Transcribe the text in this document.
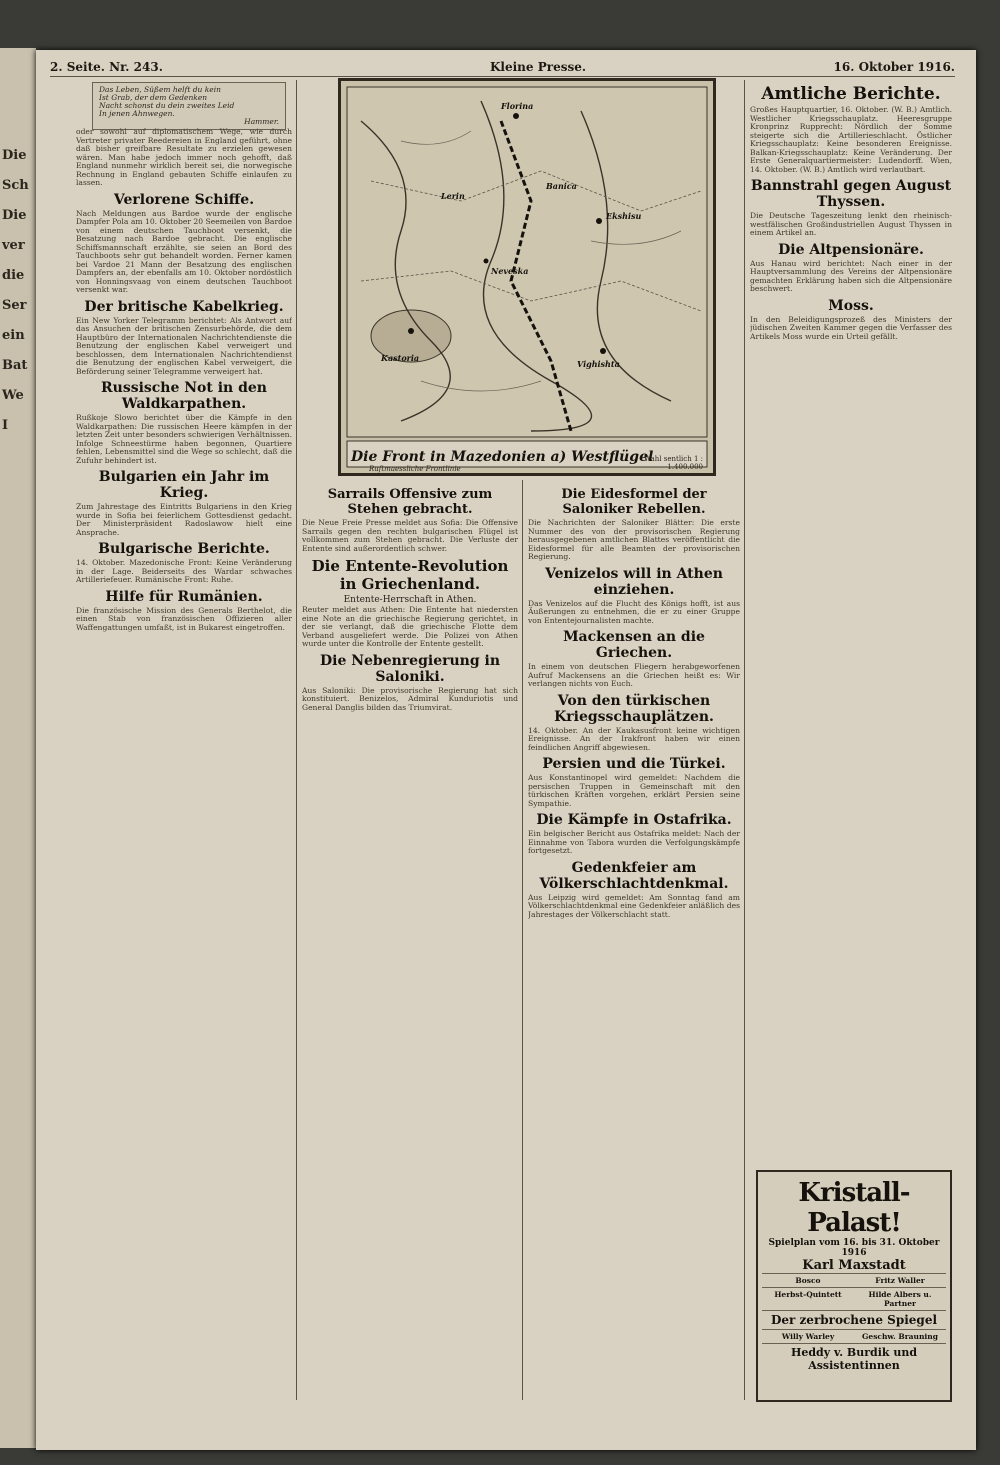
Die
Sch
Die
ver
die
Ser
ein
Bat
We
I
2. Seite. Nr. 243.	Kleine Presse.	16. Oktober 1916.
Das Leben, Süßem helft du kein
Ist Grab, der dem Gedenken
Nacht schonst du dein zweites Leid
In jenen Ahnwegen.
Hammer.

oder sowohl auf diplomatischem Wege, wie durch Vertreter privater Reedereien in England geführt, ohne daß bisher greifbare Resultate zu erzielen gewesen wären. Man habe jedoch immer noch gehofft, daß England nunmehr wirklich bereit sei, die norwegische Rechnung in England gebauten Schiffe einlaufen zu lassen.

Verlorene Schiffe.

Nach Meldungen aus Bardoe wurde der englische Dampfer Pola am 10. Oktober 20 Seemeilen von Bardoe von einem deutschen Tauchboot versenkt, die Besatzung nach Bardoe gebracht. Die englische Schiffsmannschaft erzählte, sie seien an Bord des Tauchboots sehr gut behandelt worden. Ferner kamen bei Vardoe 21 Mann der Besatzung des englischen Dampfers an, der ebenfalls am 10. Oktober nordöstlich von Honningsvaag von einem deutschen Tauchboot versenkt war.

Der britische Kabelkrieg.

Ein New Yorker Telegramm berichtet: Als Antwort auf das Ansuchen der britischen Zensurbehörde, die dem Hauptbüro der Internationalen Nachrichtendienste die Benutzung der englischen Kabel verweigert und beschlossen, dem Internationalen Nachrichtendienst die Benutzung der englischen Kabel verweigert, die Beförderung seiner Telegramme verweigert hat.

Russische Not in den Waldkarpathen.

Rußkoje Slowo berichtet über die Kämpfe in den Waldkarpathen: Die russischen Heere kämpfen in der letzten Zeit unter besonders schwierigen Verhältnissen. Infolge Schneestürme haben begonnen, Quartiere fehlen, Lebensmittel sind die Wege so schlecht, daß die Zufuhr behindert ist.

Bulgarien ein Jahr im Krieg.

Zum Jahrestage des Eintritts Bulgariens in den Krieg wurde in Sofia bei feierlichem Gottesdienst gedacht. Der Ministerpräsident Radoslawow hielt eine Ansprache.

Bulgarische Berichte.

14. Oktober. Mazedonische Front: Keine Veränderung in der Lage. Beiderseits des Wardar schwaches Artilleriefeuer. Rumänische Front: Ruhe.

Hilfe für Rumänien.

Die französische Mission des Generals Berthelot, die einen Stab von französischen Offizieren aller Waffengattungen umfaßt, ist in Bukarest eingetroffen.

Florina
Ekshisu
Kastoria
Vighishta
Neveska
Banica
Lerin
Die Front in Mazedonien a) Westflügel
Ruftmaessliche Frontlinie
Wahl sentlich 1 : 1.400.000
Sarrails Offensive zum Stehen gebracht.

Die Neue Freie Presse meldet aus Sofia: Die Offensive Sarrails gegen den rechten bulgarischen Flügel ist vollkommen zum Stehen gebracht. Die Verluste der Entente sind außerordentlich schwer.

Die Entente-Revolution in Griechenland.
Entente-Herrschaft in Athen.

Reuter meldet aus Athen: Die Entente hat niedersten eine Note an die griechische Regierung gerichtet, in der sie verlangt, daß die griechische Flotte dem Verband ausgeliefert werde. Die Polizei von Athen wurde unter die Kontrolle der Entente gestellt.

Die Nebenregierung in Saloniki.

Aus Saloniki: Die provisorische Regierung hat sich konstituiert. Benizelos, Admiral Kunduriotis und General Danglis bilden das Triumvirat.

Die Eidesformel der Saloniker Rebellen.

Die Nachrichten der Saloniker Blätter: Die erste Nummer des von der provisorischen Regierung herausgegebenen amtlichen Blattes veröffentlicht die Eidesformel für alle Beamten der provisorischen Regierung.

Venizelos will in Athen einziehen.

Das Venizelos auf die Flucht des Königs hofft, ist aus Äußerungen zu entnehmen, die er zu einer Gruppe von Ententejournalisten machte.

Mackensen an die Griechen.

In einem von deutschen Fliegern herabgeworfenen Aufruf Mackensens an die Griechen heißt es: Wir verlangen nichts von Euch.

Von den türkischen Kriegsschauplätzen.

14. Oktober. An der Kaukasusfront keine wichtigen Ereignisse. An der Irakfront haben wir einen feindlichen Angriff abgewiesen.

Persien und die Türkei.

Aus Konstantinopel wird gemeldet: Nachdem die persischen Truppen in Gemeinschaft mit den türkischen Kräften vorgehen, erklärt Persien seine Sympathie.

Die Kämpfe in Ostafrika.

Ein belgischer Bericht aus Ostafrika meldet: Nach der Einnahme von Tabora wurden die Verfolgungskämpfe fortgesetzt.

Gedenkfeier am Völkerschlachtdenkmal.

Aus Leipzig wird gemeldet: Am Sonntag fand am Völkerschlachtdenkmal eine Gedenkfeier anläßlich des Jahrestages der Völkerschlacht statt.

Amtliche Berichte.

Großes Hauptquartier, 16. Oktober. (W. B.) Amtlich. Westlicher Kriegsschauplatz. Heeresgruppe Kronprinz Rupprecht: Nördlich der Somme steigerte sich die Artillerieschlacht. Östlicher Kriegsschauplatz: Keine besonderen Ereignisse. Balkan-Kriegsschauplatz: Keine Veränderung. Der Erste Generalquartiermeister: Ludendorff. Wien, 14. Oktober. (W. B.) Amtlich wird verlautbart.

Bannstrahl gegen August Thyssen.

Die Deutsche Tageszeitung lenkt den rheinisch-westfälischen Großindustriellen August Thyssen in einem Artikel an.

Die Altpensionäre.

Aus Hanau wird berichtet: Nach einer in der Hauptversammlung des Vereins der Altpensionäre gemachten Erklärung haben sich die Altpensionäre beschwert.

Moss.

In den Beleidigungsprozeß des Ministers der jüdischen Zweiten Kammer gegen die Verfasser des Artikels Moss wurde ein Urteil gefällt.

Kristall-Palast!
Spielplan vom 16. bis 31. Oktober 1916
Karl Maxstadt
Bosco	Fritz Waller
Herbst-Quintett	Hilde Albers u. Partner
Der zerbrochene Spiegel
Willy Warley	Geschw. Brauning
Heddy v. Burdik und Assistentinnen
